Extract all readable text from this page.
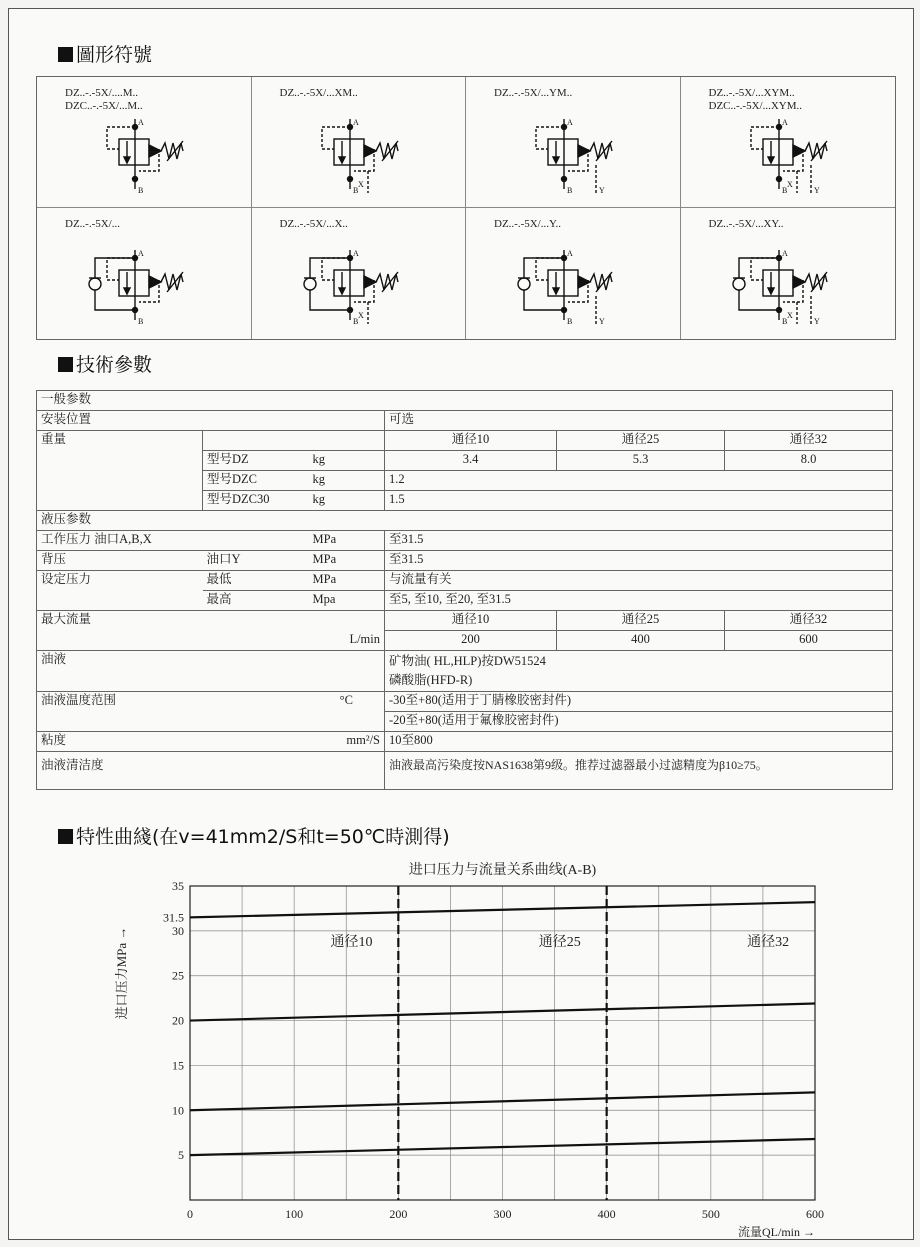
圖形符號
DZ..-.-5X/....M..
DZC..-.-5X/...M..
A
B
DZ..-.-5X/...XM..
A
B
X
DZ..-.-5X/...YM..
A
B	Y
DZ..-.-5X/...XYM..
DZC..-.-5X/...XYM..
A
B
X
Y
DZ..-.-5X/...
A
B
DZ..-.-5X/...X..
A
B
X
DZ..-.-5X/...Y..
A
B	Y
DZ..-.-5X/...XY..
A
B
X
Y
技術參數
一般参数					
安装位置			可选		
重量			通径10	通径25	通径32
	型号DZ	kg	3.4	5.3	8.0
	型号DZC	kg	1.2		
	型号DZC30	kg	1.5		
液压参数					
工作压力 油口A,B,X		MPa	至31.5		
背压	油口Y	MPa	至31.5		
设定压力	最低	MPa	与流量有关		
	最高	Mpa	至5, 至10, 至20, 至31.5		
最大流量			通径10	通径25	通径32
		L/min	200	400	600
油液			矿物油( HL,HLP)按DW51524
磷酸脂(HFD-R)		

油液温度范围		°C	-30至+80(适用于丁腈橡胶密封件)		
			-20至+80(适用于氟橡胶密封件)		
粘度		mm²/S	10至800		
油液清洁度			油液最高污染度按NAS1638第9级。推荐过滤器最小过滤精度为β10≥75。		
特性曲綫(在v=41mm2/S和t=50℃時測得)
0	100	200	300	400	500	600
5
10
15
20
25
30
31.5
35
通径10	通径25	通径32
进口压力与流量关系曲线(A-B)
流量QL/min →
进口压力MPa →
